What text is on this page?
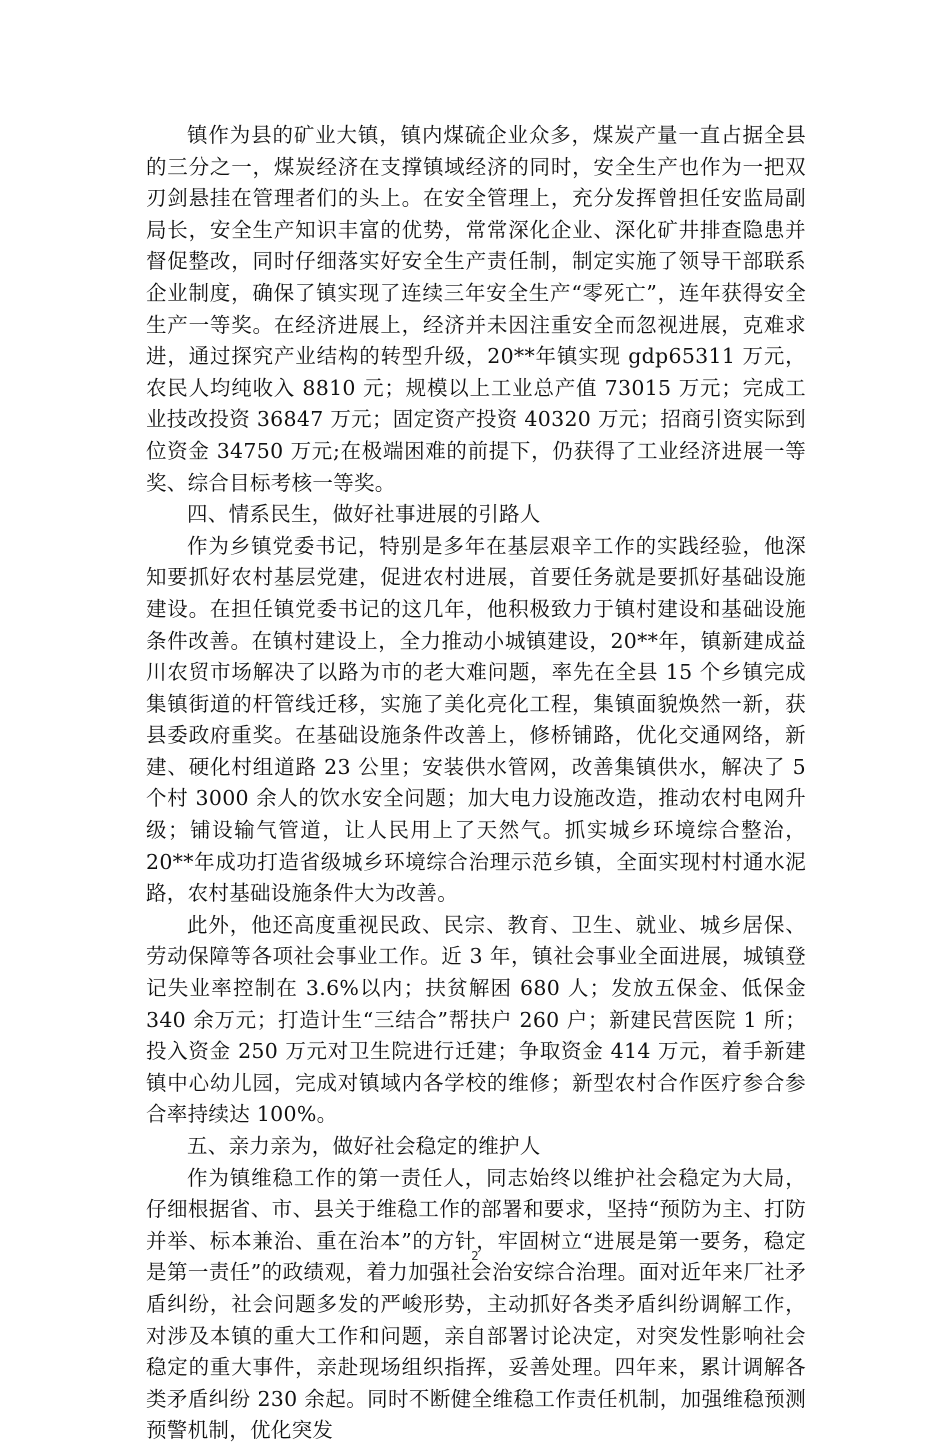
镇作为县的矿业大镇，镇内煤硫企业众多，煤炭产量一直占据全县的三分之一，煤炭经济在支撑镇域经济的同时，安全生产也作为一把双刃剑悬挂在管理者们的头上。在安全管理上，充分发挥曾担任安监局副局长，安全生产知识丰富的优势，常常深化企业、深化矿井排查隐患并督促整改，同时仔细落实好安全生产责任制，制定实施了领导干部联系企业制度，确保了镇实现了连续三年安全生产“零死亡”，连年获得安全生产一等奖。在经济进展上，经济并未因注重安全而忽视进展，克难求进，通过探究产业结构的转型升级，20**年镇实现 gdp65311 万元，农民人均纯收入 8810 元；规模以上工业总产值 73015 万元；完成工业技改投资 36847 万元；固定资产投资 40320 万元；招商引资实际到位资金 34750 万元;在极端困难的前提下，仍获得了工业经济进展一等奖、综合目标考核一等奖。

四、情系民生，做好社事进展的引路人

作为乡镇党委书记，特别是多年在基层艰辛工作的实践经验，他深知要抓好农村基层党建，促进农村进展，首要任务就是要抓好基础设施建设。在担任镇党委书记的这几年，他积极致力于镇村建设和基础设施条件改善。在镇村建设上，全力推动小城镇建设，20**年，镇新建成益川农贸市场解决了以路为市的老大难问题，率先在全县 15 个乡镇完成集镇街道的杆管线迁移，实施了美化亮化工程，集镇面貌焕然一新，获县委政府重奖。在基础设施条件改善上，修桥铺路，优化交通网络，新建、硬化村组道路 23 公里；安装供水管网，改善集镇供水，解决了 5 个村 3000 余人的饮水安全问题；加大电力设施改造，推动农村电网升级；铺设输气管道，让人民用上了天然气。抓实城乡环境综合整治，20**年成功打造省级城乡环境综合治理示范乡镇，全面实现村村通水泥路，农村基础设施条件大为改善。

此外，他还高度重视民政、民宗、教育、卫生、就业、城乡居保、劳动保障等各项社会事业工作。近 3 年，镇社会事业全面进展，城镇登记失业率控制在 3.6%以内；扶贫解困 680 人；发放五保金、低保金 340 余万元；打造计生“三结合”帮扶户 260 户；新建民营医院 1 所；投入资金 250 万元对卫生院进行迁建；争取资金 414 万元，着手新建镇中心幼儿园，完成对镇域内各学校的维修；新型农村合作医疗参合参合率持续达 100%。

五、亲力亲为，做好社会稳定的维护人

作为镇维稳工作的第一责任人，同志始终以维护社会稳定为大局，仔细根据省、市、县关于维稳工作的部署和要求，坚持“预防为主、打防并举、标本兼治、重在治本”的方针，牢固树立“进展是第一要务，稳定是第一责任”的政绩观，着力加强社会治安综合治理。面对近年来厂社矛盾纠纷，社会问题多发的严峻形势，主动抓好各类矛盾纠纷调解工作，对涉及本镇的重大工作和问题，亲自部署讨论决定，对突发性影响社会稳定的重大事件，亲赴现场组织指挥，妥善处理。四年来，累计调解各类矛盾纠纷 230 余起。同时不断健全维稳工作责任机制，加强维稳预测预警机制，优化突发

2
